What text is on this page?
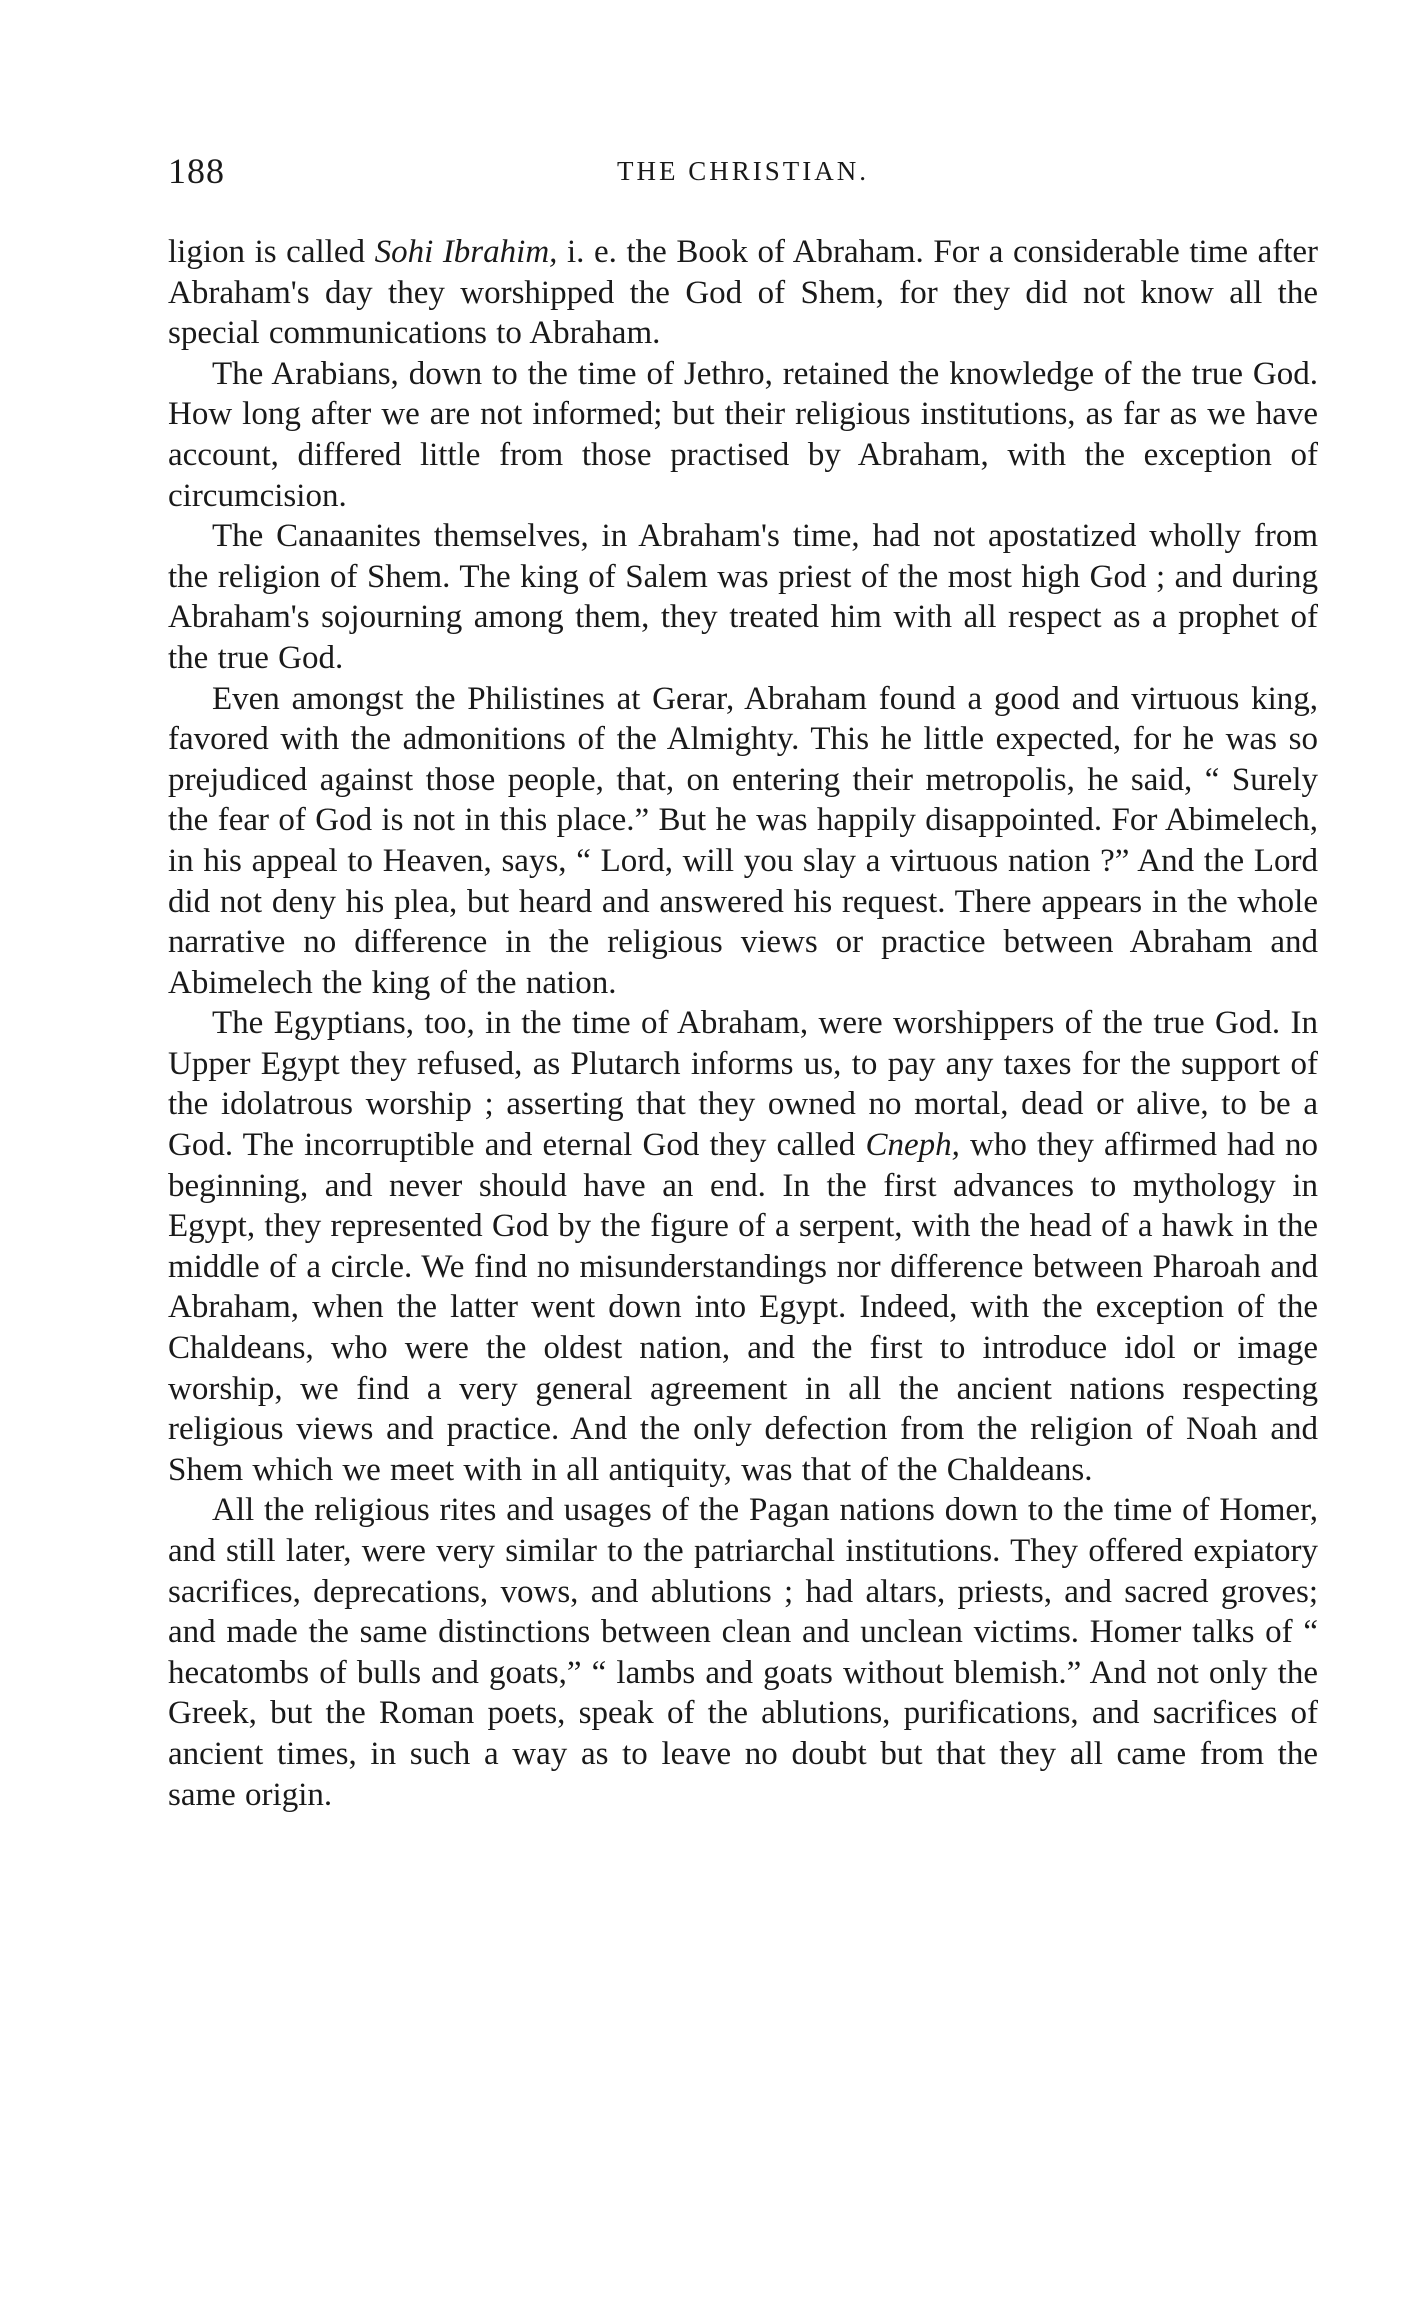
188	THE CHRISTIAN.

ligion is called Sohi Ibrahim, i. e. the Book of Abraham. For a considerable time after Abraham's day they worshipped the God of Shem, for they did not know all the special communications to Abraham.

The Arabians, down to the time of Jethro, retained the knowledge of the true God. How long after we are not informed; but their religious institutions, as far as we have account, differed little from those practised by Abraham, with the exception of circumcision.

The Canaanites themselves, in Abraham's time, had not apostatized wholly from the religion of Shem. The king of Salem was priest of the most high God ; and during Abraham's sojourning among them, they treated him with all respect as a prophet of the true God.

Even amongst the Philistines at Gerar, Abraham found a good and virtuous king, favored with the admonitions of the Almighty. This he little expected, for he was so prejudiced against those people, that, on entering their metropolis, he said, “ Surely the fear of God is not in this place.” But he was happily disappointed. For Abimelech, in his appeal to Heaven, says, “ Lord, will you slay a virtuous nation ?” And the Lord did not deny his plea, but heard and answered his request. There appears in the whole narrative no difference in the religious views or practice between Abraham and Abimelech the king of the nation.

The Egyptians, too, in the time of Abraham, were worshippers of the true God. In Upper Egypt they refused, as Plutarch informs us, to pay any taxes for the support of the idolatrous worship ; asserting that they owned no mortal, dead or alive, to be a God. The incorruptible and eternal God they called Cneph, who they affirmed had no beginning, and never should have an end. In the first advances to mythology in Egypt, they represented God by the figure of a serpent, with the head of a hawk in the middle of a circle. We find no misunderstandings nor difference between Pharoah and Abraham, when the latter went down into Egypt. Indeed, with the exception of the Chaldeans, who were the oldest nation, and the first to introduce idol or image worship, we find a very general agreement in all the ancient nations respecting religious views and practice. And the only defection from the religion of Noah and Shem which we meet with in all antiquity, was that of the Chaldeans.

All the religious rites and usages of the Pagan nations down to the time of Homer, and still later, were very similar to the patriarchal institutions. They offered expiatory sacrifices, deprecations, vows, and ablutions ; had altars, priests, and sacred groves; and made the same distinctions between clean and unclean victims. Homer talks of “ hecatombs of bulls and goats,” “ lambs and goats without blemish.” And not only the Greek, but the Roman poets, speak of the ablutions, purifications, and sacrifices of ancient times, in such a way as to leave no doubt but that they all came from the same origin.
